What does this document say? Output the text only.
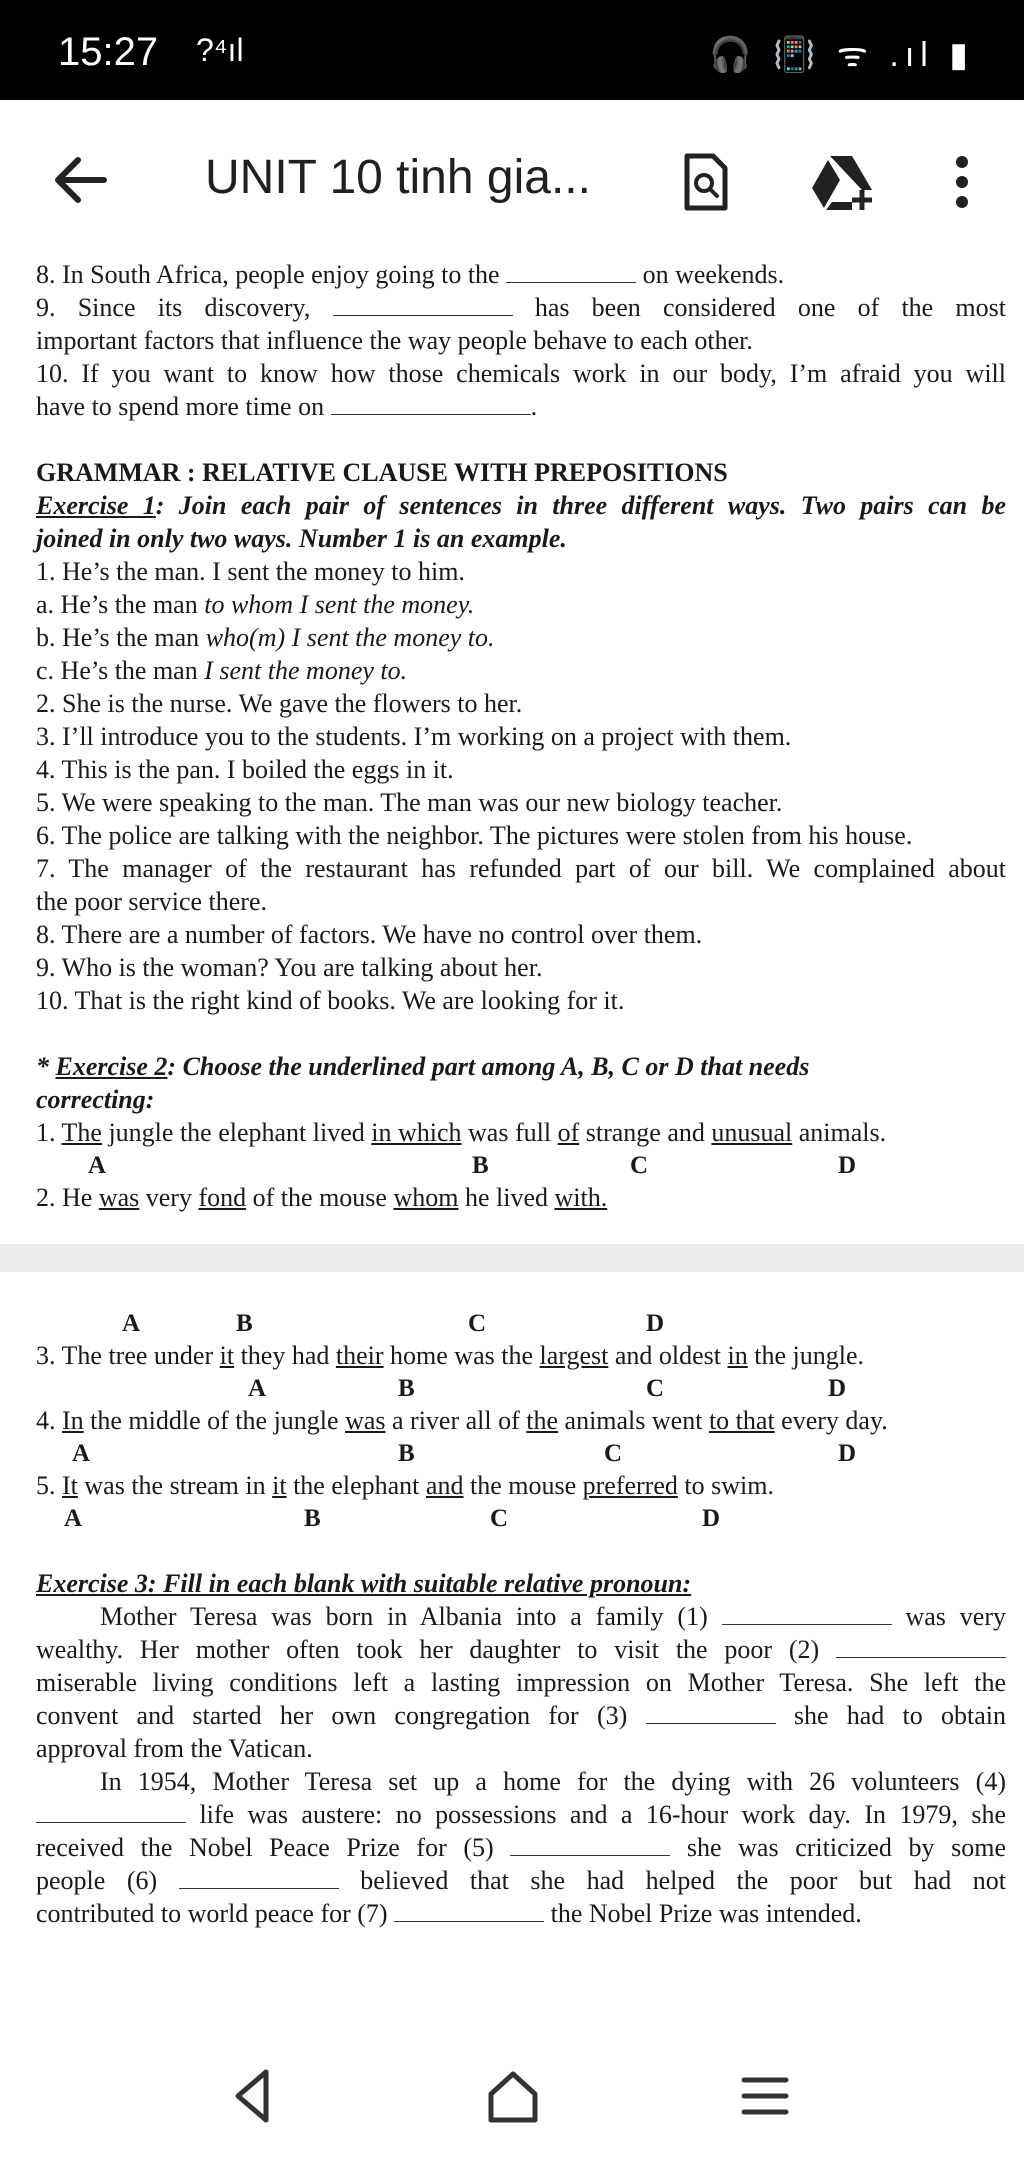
15:27 ?⁴ıl	🎧 📳 ᯤ .ıl ▮
UNIT 10 tinh gia...

8. In South Africa, people enjoy going to the	on weekends.

9. Since its discovery,	has been considered one of the most

important factors that influence the way people behave to each other.

10. If you want to know how those chemicals work in our body, I’m afraid you will

have to spend more time on	.

GRAMMAR : RELATIVE CLAUSE WITH PREPOSITIONS

Exercise 1: Join each pair of sentences in three different ways. Two pairs can be

joined in only two ways. Number 1 is an example.

1. He’s the man. I sent the money to him.

a. He’s the man to whom I sent the money.

b. He’s the man who(m) I sent the money to.

c. He’s the man I sent the money to.

2. She is the nurse. We gave the flowers to her.

3. I’ll introduce you to the students. I’m working on a project with them.

4. This is the pan. I boiled the eggs in it.

5. We were speaking to the man. The man was our new biology teacher.

6. The police are talking with the neighbor. The pictures were stolen from his house.

7. The manager of the restaurant has refunded part of our bill. We complained about

the poor service there.

8. There are a number of factors. We have no control over them.

9. Who is the woman? You are talking about her.

10. That is the right kind of books. We are looking for it.

* Exercise 2: Choose the underlined part among A, B, C or D that needs

correcting:

1. The jungle the elephant lived in which was full of strange and unusual animals.

A	B	C	D

2. He was very fond of the mouse whom he lived with.

A	B	C	D

3. The tree under it they had their home was the largest and oldest in the jungle.

A	B	C	D

4. In the middle of the jungle was a river all of the animals went to that every day.

A	B	C	D

5. It was the stream in it the elephant and the mouse preferred to swim.

A	B	C	D

Exercise 3: Fill in each blank with suitable relative pronoun:

Mother Teresa was born in Albania into a family (1)	was very

wealthy. Her mother often took her daughter to visit the poor (2)

miserable living conditions left a lasting impression on Mother Teresa. She left the

convent and started her own congregation for (3)	she had to obtain

approval from the Vatican.

In 1954, Mother Teresa set up a home for the dying with 26 volunteers (4)

life was austere: no possessions and a 16-hour work day. In 1979, she

received the Nobel Peace Prize for (5)	she was criticized by some

people (6)	believed that she had helped the poor but had not

contributed to world peace for (7)	the Nobel Prize was intended.
